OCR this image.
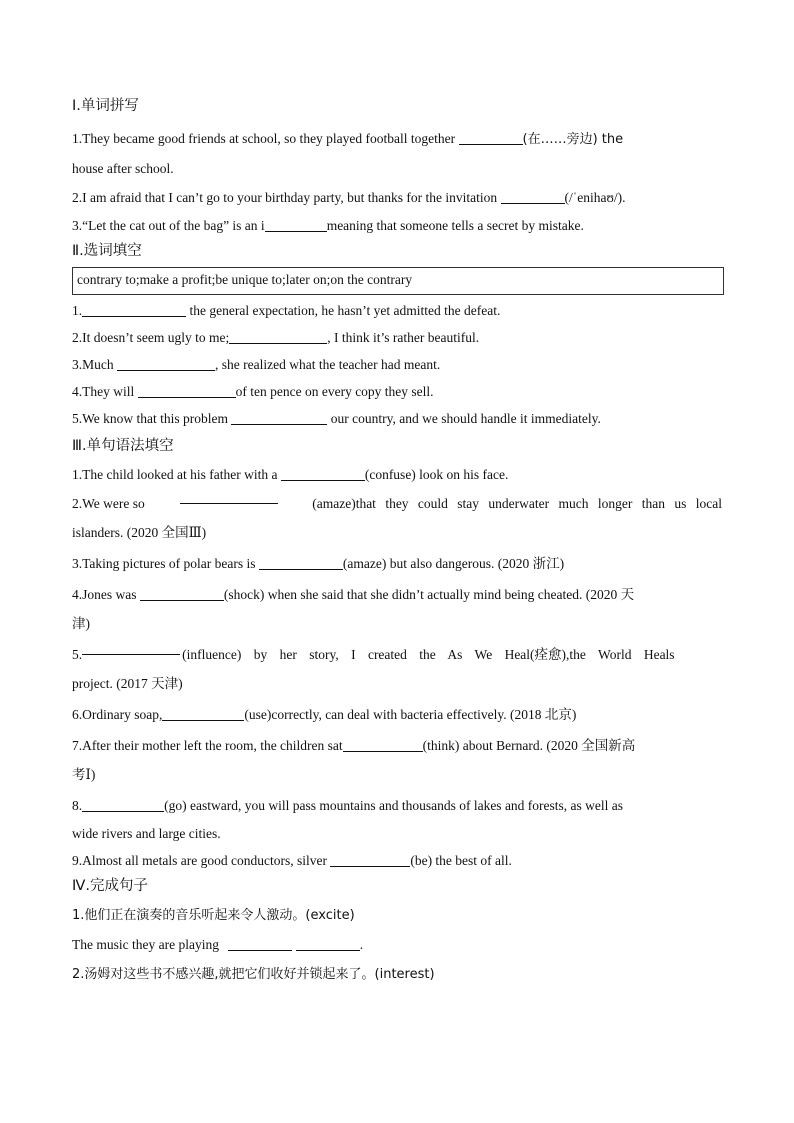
Ⅰ.单词拼写
1.They became good friends at school, so they played football together	(在……旁边) the
house after school.
2.I am afraid that I can’t go to your birthday party, but thanks for the invitation	(/ˈenihaʊ/).
3.“Let the cat out of the bag” is an i	meaning that someone tells a secret by mistake.
Ⅱ.选词填空
contrary to;make a profit;be unique to;later on;on the contrary
1.	the general expectation, he hasn’t yet admitted the defeat.
2.It doesn’t seem ugly to me;	, I think it’s rather beautiful.
3.Much	, she realized what the teacher had meant.
4.They will	of ten pence on every copy they sell.
5.We know that this problem	our country, and we should handle it immediately.
Ⅲ.单句语法填空
1.The child looked at his father with a	(confuse) look on his face.
2.We were so	(amaze)that they could stay underwater much longer than us local
islanders. (2020 全国Ⅲ)
3.Taking pictures of polar bears is	(amaze) but also dangerous. (2020 浙江)
4.Jones was	(shock) when she said that she didn’t actually mind being cheated. (2020 天
津)
5.	(influence) by her story, I created the As We Heal(痊愈),the World Heals
project. (2017 天津)
6.Ordinary soap,	(use)correctly, can deal with bacteria effectively. (2018 北京)
7.After their mother left the room, the children sat	(think) about Bernard. (2020 全国新高
考Ⅰ)
8.	(go) eastward, you will pass mountains and thousands of lakes and forests, as well as
wide rivers and large cities.
9.Almost all metals are good conductors, silver	(be) the best of all.
Ⅳ.完成句子
1.他们正在演奏的音乐听起来令人激动。(excite)
The music they are playing	.
2.汤姆对这些书不感兴趣,就把它们收好并锁起来了。(interest)
